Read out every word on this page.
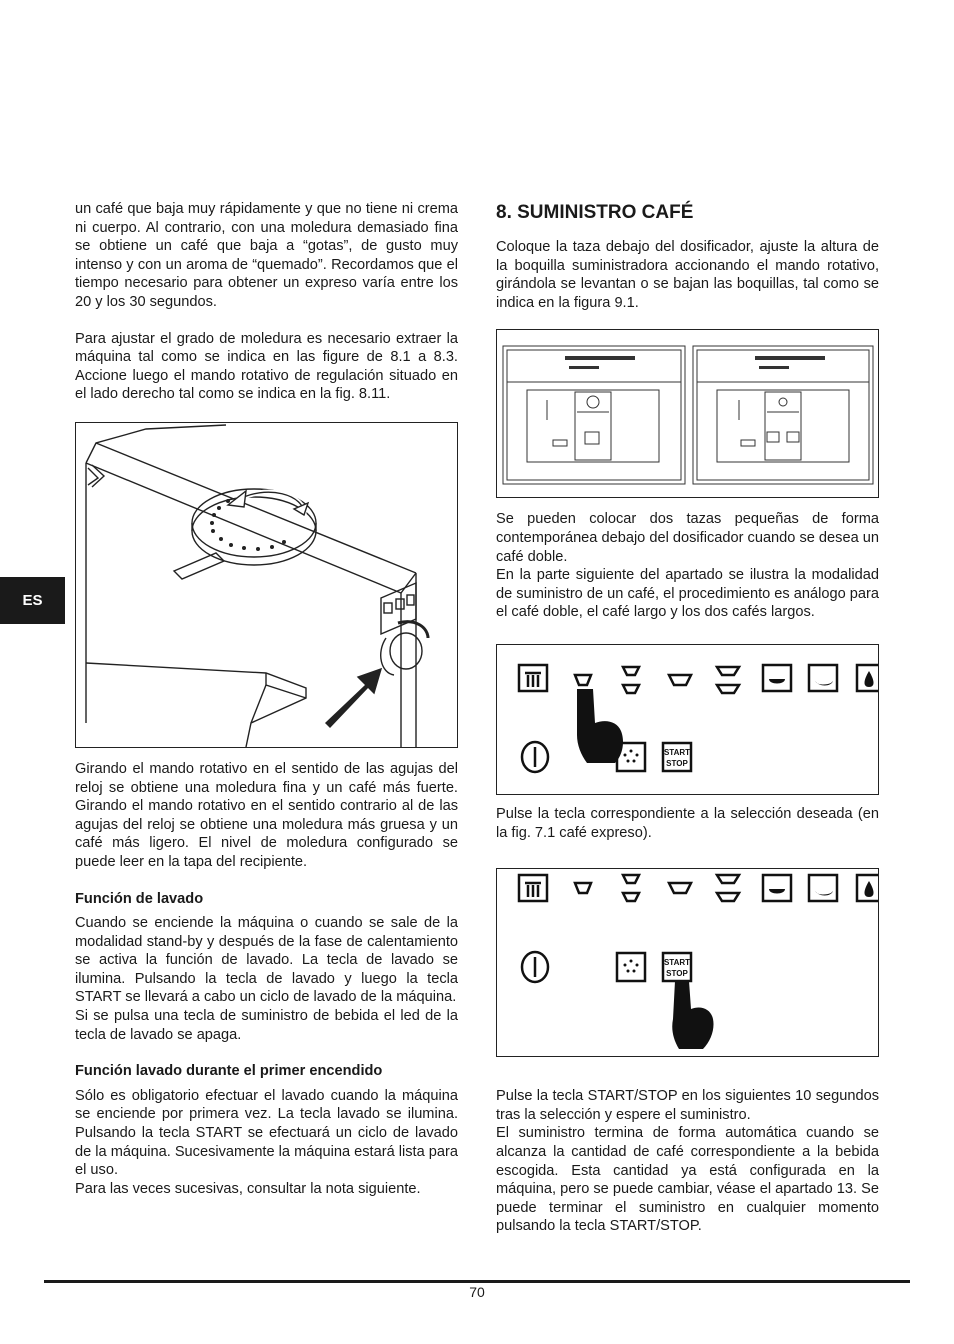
ES

un café que baja muy rápidamente y que no tiene ni crema ni cuerpo. Al contrario, con una moledura demasiado fina se obtiene un café que baja a “gotas”, de gusto muy intenso y con un aroma de “quemado”. Recordamos que el tiempo necesario para obtener un expreso varía entre los 20 y los 30 segundos.

Para ajustar el grado de moledura es necesario extraer la máquina tal como se indica en las figure de 8.1 a 8.3. Accione luego el mando rotativo de regulación situado en el lado derecho tal como se indica en la fig. 8.11.

Girando el mando rotativo en el sentido de las agujas del reloj se obtiene una moledura fina y un café más fuerte. Girando el mando rotativo en el sentido contrario al de las agujas del reloj se obtiene una moledura más gruesa y un café más ligero. El nivel de moledura configurado se puede leer en la tapa del recipiente.

Función de lavado

Cuando se enciende la máquina o cuando se sale de la modalidad stand-by y después de la fase de calentamiento se activa la función de lavado. La tecla de lavado se ilumina. Pulsando la tecla de lavado y luego la tecla START se llevará a cabo un ciclo de lavado de la máquina.

Si se pulsa una tecla de suministro de bebida el led de la tecla de lavado se apaga.

Función lavado durante el primer encendido

Sólo es obligatorio efectuar el lavado cuando la máquina se enciende por primera vez. La tecla lavado se ilumina. Pulsando la tecla START se efectuará un ciclo de lavado de la máquina. Sucesivamente la máquina estará lista para el uso.

Para las veces sucesivas, consultar la nota siguiente.

8. SUMINISTRO CAFÉ

Coloque la taza debajo del dosificador, ajuste la altura de la boquilla suministradora accionando el mando rotativo, girándola se levantan o se bajan las boquillas, tal como se indica en la figura 9.1.

Se pueden colocar dos tazas pequeñas de forma contemporánea debajo del dosificador cuando se desea un café doble.

En la parte siguiente del apartado se ilustra la modalidad de suministro de un café, el procedimiento es análogo para el café doble, el café largo y los dos cafés largos.

START
STOP

Pulse la tecla correspondiente a la selección deseada (en la fig. 7.1 café expreso).

START
STOP

Pulse la tecla START/STOP en los siguientes 10 segundos tras la selección y espere el suministro.

El suministro termina de forma automática cuando se alcanza la cantidad de café correspondiente a la bebida escogida. Esta cantidad ya está configurada en la máquina, pero se puede cambiar, véase el apartado 13. Se puede terminar el suministro en cualquier momento pulsando la tecla START/STOP.

70
